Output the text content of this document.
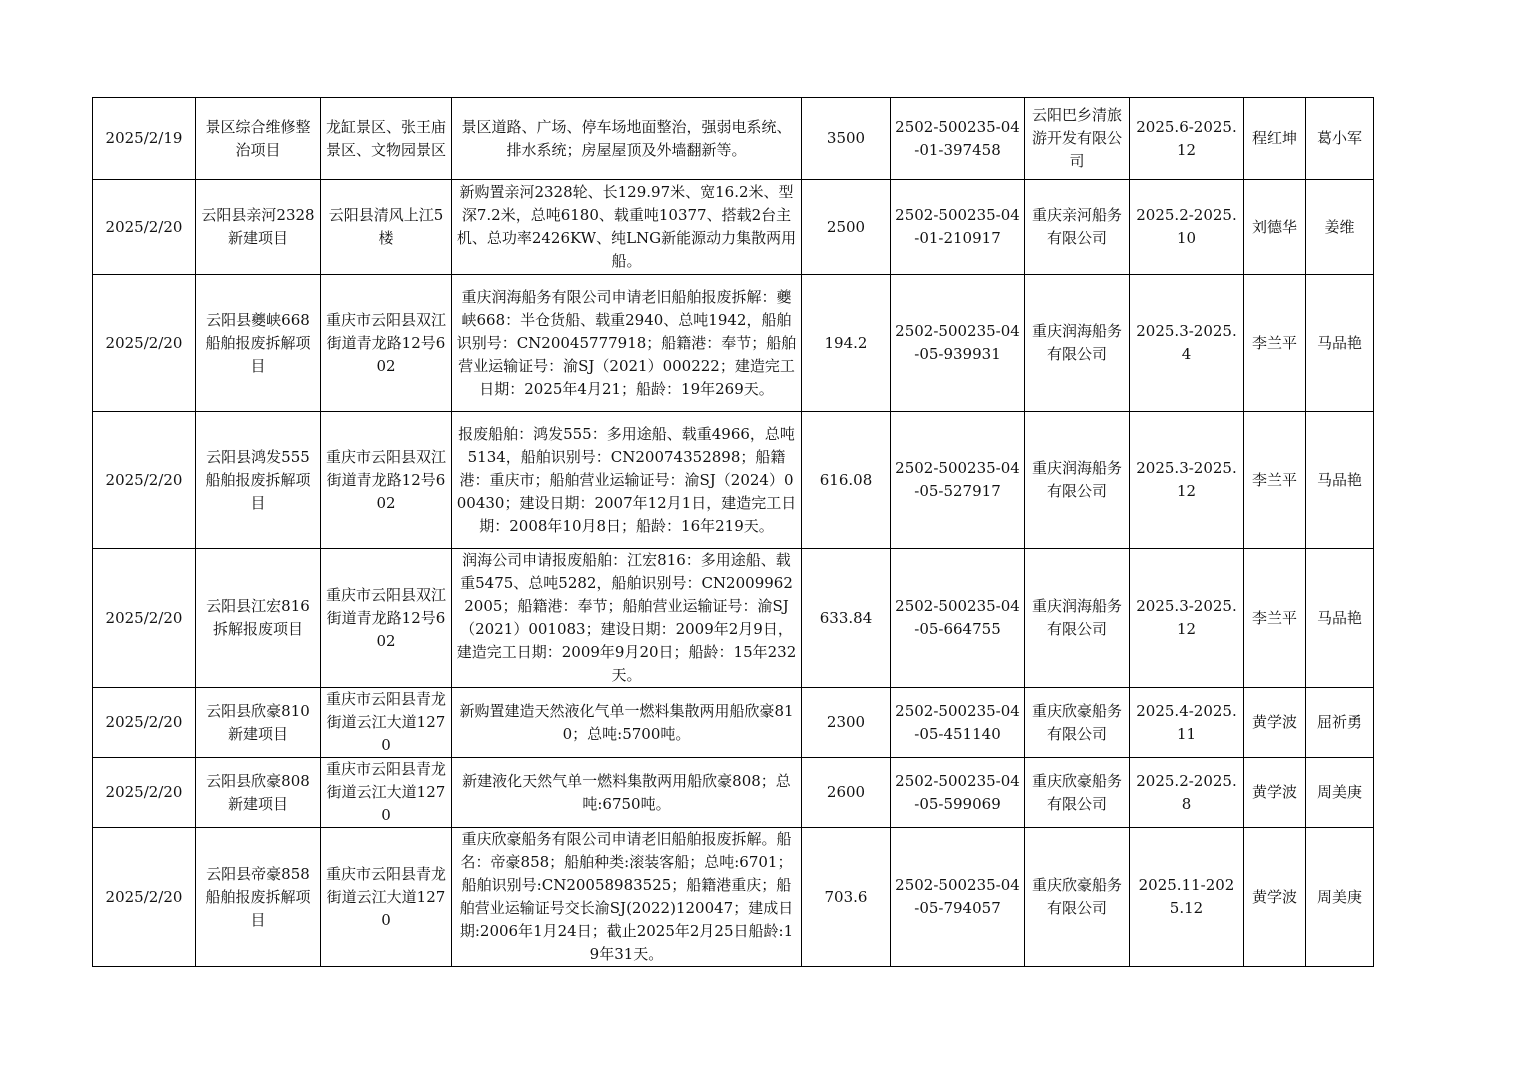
2025/2/19	景区综合维修整治项目	龙缸景区、张王庙景区、文物园景区	景区道路、广场、停车场地面整治，强弱电系统、排水系统；房屋屋顶及外墙翻新等。	3500	2502-500235-04-01-397458	云阳巴乡清旅游开发有限公司	2025.6-2025.12	程红坤	葛小军
2025/2/20	云阳县亲河2328新建项目	云阳县清风上江5楼	新购置亲河2328轮、长129.97米、宽16.2米、型深7.2米，总吨6180、载重吨10377、搭载2台主机、总功率2426KW、纯LNG新能源动力集散两用船。	2500	2502-500235-04-01-210917	重庆亲河船务有限公司	2025.2-2025.10	刘德华	姜维
2025/2/20	云阳县夔峡668船舶报废拆解项目	重庆市云阳县双江街道青龙路12号602	重庆润海船务有限公司申请老旧船舶报废拆解：夔峡668：半仓货船、载重2940、总吨1942，船舶识别号：CN20045777918；船籍港：奉节；船舶营业运输证号：渝SJ（2021）000222；建造完工日期：2025年4月21；船龄：19年269天。	194.2	2502-500235-04-05-939931	重庆润海船务有限公司	2025.3-2025.4	李兰平	马品艳
2025/2/20	云阳县鸿发555船舶报废拆解项目	重庆市云阳县双江街道青龙路12号602	报废船舶：鸿发555：多用途船、载重4966，总吨5134，船舶识别号：CN20074352898；船籍港：重庆市；船舶营业运输证号：渝SJ（2024）000430；建设日期：2007年12月1日，建造完工日期：2008年10月8日；船龄：16年219天。	616.08	2502-500235-04-05-527917	重庆润海船务有限公司	2025.3-2025.12	李兰平	马品艳
2025/2/20	云阳县江宏816拆解报废项目	重庆市云阳县双江街道青龙路12号602	润海公司申请报废船舶：江宏816：多用途船、载重5475、总吨5282，船舶识别号：CN20099622005；船籍港：奉节；船舶营业运输证号：渝SJ（2021）001083；建设日期：2009年2月9日，建造完工日期：2009年9月20日；船龄：15年232天。	633.84	2502-500235-04-05-664755	重庆润海船务有限公司	2025.3-2025.12	李兰平	马品艳
2025/2/20	云阳县欣豪810新建项目	重庆市云阳县青龙街道云江大道1270	新购置建造天然液化气单一燃料集散两用船欣豪810；总吨:5700吨。	2300	2502-500235-04-05-451140	重庆欣豪船务有限公司	2025.4-2025.11	黄学波	屈祈勇
2025/2/20	云阳县欣豪808新建项目	重庆市云阳县青龙街道云江大道1270	新建液化天然气单一燃料集散两用船欣豪808；总吨:6750吨。	2600	2502-500235-04-05-599069	重庆欣豪船务有限公司	2025.2-2025.8	黄学波	周美庚
2025/2/20	云阳县帝豪858船舶报废拆解项目	重庆市云阳县青龙街道云江大道1270	重庆欣豪船务有限公司申请老旧船舶报废拆解。船名：帝豪858；船舶种类:滚装客船；总吨:6701；船舶识别号:CN20058983525；船籍港重庆；船舶营业运输证号交长渝SJ(2022)120047；建成日期:2006年1月24日；截止2025年2月25日船龄:19年31天。	703.6	2502-500235-04-05-794057	重庆欣豪船务有限公司	2025.11-2025.12	黄学波	周美庚
